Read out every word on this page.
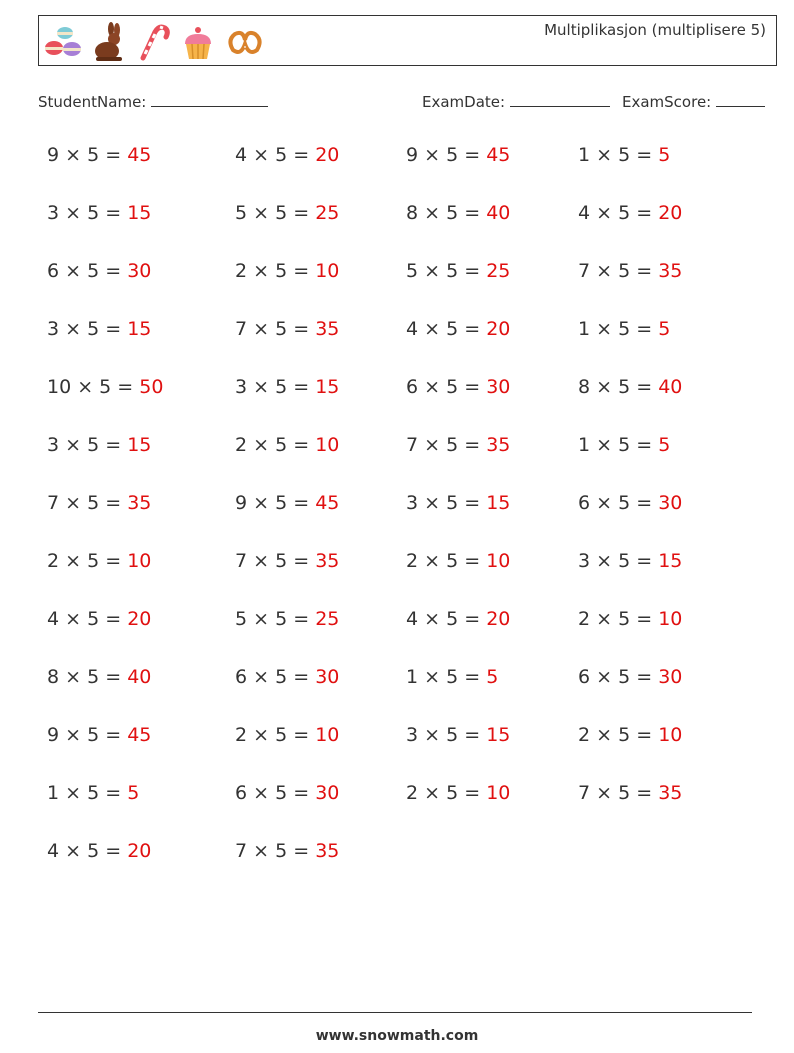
Multiplikasjon (multiplisere 5)
StudentName:	ExamDate:	ExamScore:
9 × 5 = 45	4 × 5 = 20	9 × 5 = 45	1 × 5 = 5
3 × 5 = 15	5 × 5 = 25	8 × 5 = 40	4 × 5 = 20
6 × 5 = 30	2 × 5 = 10	5 × 5 = 25	7 × 5 = 35
3 × 5 = 15	7 × 5 = 35	4 × 5 = 20	1 × 5 = 5
10 × 5 = 50	3 × 5 = 15	6 × 5 = 30	8 × 5 = 40
3 × 5 = 15	2 × 5 = 10	7 × 5 = 35	1 × 5 = 5
7 × 5 = 35	9 × 5 = 45	3 × 5 = 15	6 × 5 = 30
2 × 5 = 10	7 × 5 = 35	2 × 5 = 10	3 × 5 = 15
4 × 5 = 20	5 × 5 = 25	4 × 5 = 20	2 × 5 = 10
8 × 5 = 40	6 × 5 = 30	1 × 5 = 5	6 × 5 = 30
9 × 5 = 45	2 × 5 = 10	3 × 5 = 15	2 × 5 = 10
1 × 5 = 5	6 × 5 = 30	2 × 5 = 10	7 × 5 = 35
4 × 5 = 20	7 × 5 = 35
www.snowmath.com
